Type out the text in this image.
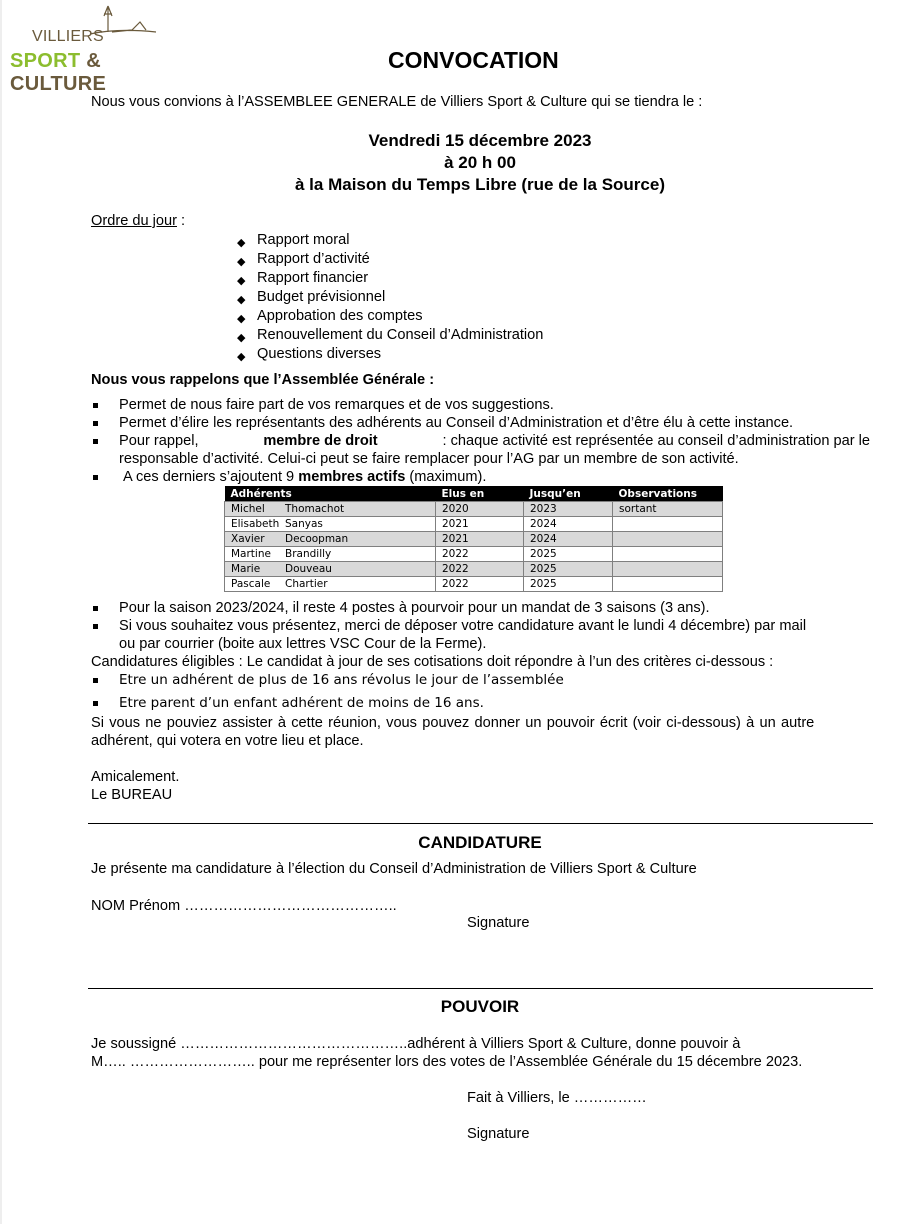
VILLIERS
SPORT & CULTURE
CONVOCATION
Nous vous convions à l’ASSEMBLEE GENERALE de Villiers Sport & Culture qui se tiendra le :
Vendredi 15 décembre 2023
à 20 h 00
à la Maison du Temps Libre (rue de la Source)
Ordre du jour :
◆ Rapport moral
◆ Rapport d’activité
◆ Rapport financier
◆ Budget prévisionnel
◆ Approbation des comptes
◆ Renouvellement du Conseil d’Administration
◆ Questions diverses
Nous vous rappelons que l’Assemblée Générale :
Permet de nous faire part de vos remarques et de vos suggestions.
Permet d’élire les représentants des adhérents au Conseil d’Administration et d’être élu à cette instance.
Pour rappel,	membre de droit	: chaque activité est représentée au conseil d’administration par le
responsable d’activité. Celui-ci peut se faire remplacer pour l’AG par un membre de son activité.
A ces derniers s’ajoutent 9 membres actifs (maximum).
Adhérents	Elus en	Jusqu’en	Observations
Michel Thomachot	2020	2023	sortant
Elisabeth Sanyas	2021	2024	
Xavier Decoopman	2021	2024	
Martine Brandilly	2022	2025	
Marie Douveau	2022	2025	
Pascale Chartier	2022	2025	
Pour la saison 2023/2024, il reste 4 postes à pourvoir pour un mandat de 3 saisons (3 ans).
Si vous souhaitez vous présentez, merci de déposer votre candidature avant le lundi 4 décembre) par mail
ou par courrier (boite aux lettres VSC Cour de la Ferme).
Candidatures éligibles : Le candidat à jour de ses cotisations doit répondre à l’un des critères ci-dessous :
Etre un adhérent de plus de 16 ans révolus le jour de l’assemblée
Etre parent d’un enfant adhérent de moins de 16 ans.
Si vous ne pouviez assister à cette réunion, vous pouvez donner un pouvoir écrit (voir ci-dessous) à un autre
adhérent, qui votera en votre lieu et place.
Amicalement.
Le BUREAU
CANDIDATURE
Je présente ma candidature à l’élection du Conseil d’Administration de Villiers Sport & Culture
NOM Prénom ……………………………………..
Signature
POUVOIR
Je soussigné ………………………………………..adhérent à Villiers Sport & Culture, donne pouvoir à
M….. …………………….. pour me représenter lors des votes de l’Assemblée Générale du 15 décembre 2023.
Fait à Villiers, le ……………
Signature
